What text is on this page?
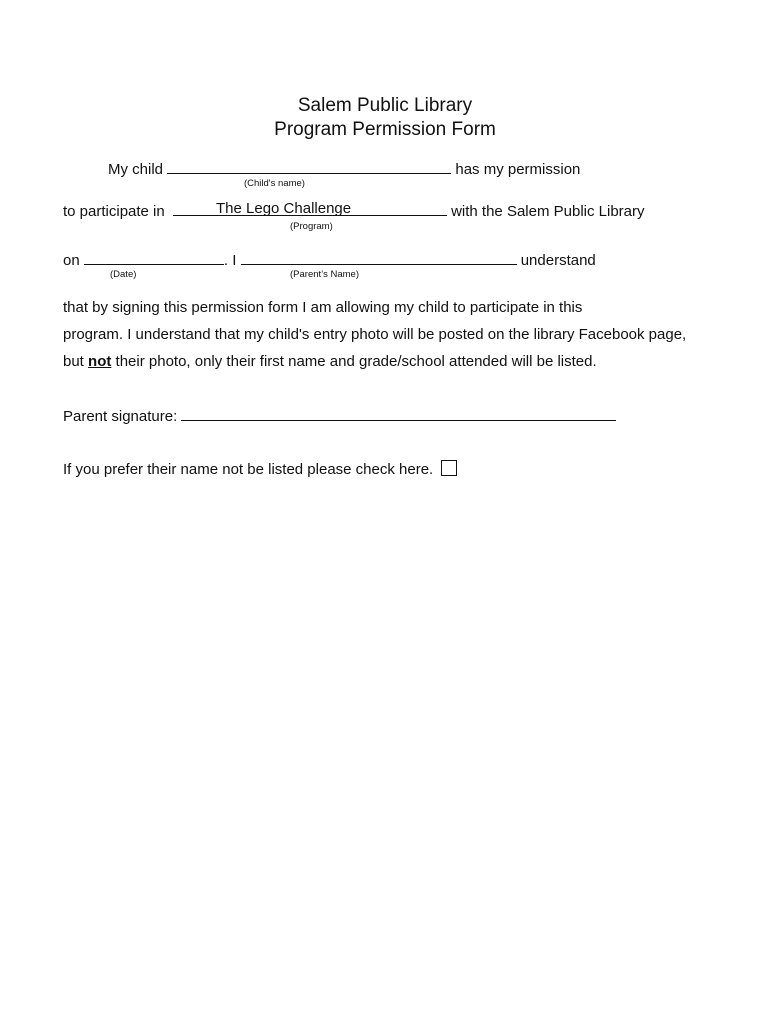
Salem Public Library
Program Permission Form
My child	has my permission
(Child's name)
to participate in	with the Salem Public Library
The Lego Challenge
(Program)
on	. I	understand
(Date)	(Parent’s Name)
that by signing this permission form I am allowing my child to participate in this
program. I understand that my child's entry photo will be posted on the library Facebook page,
but not their photo, only their first name and grade/school attended will be listed.
Parent signature:
If you prefer their name not be listed please check here.
